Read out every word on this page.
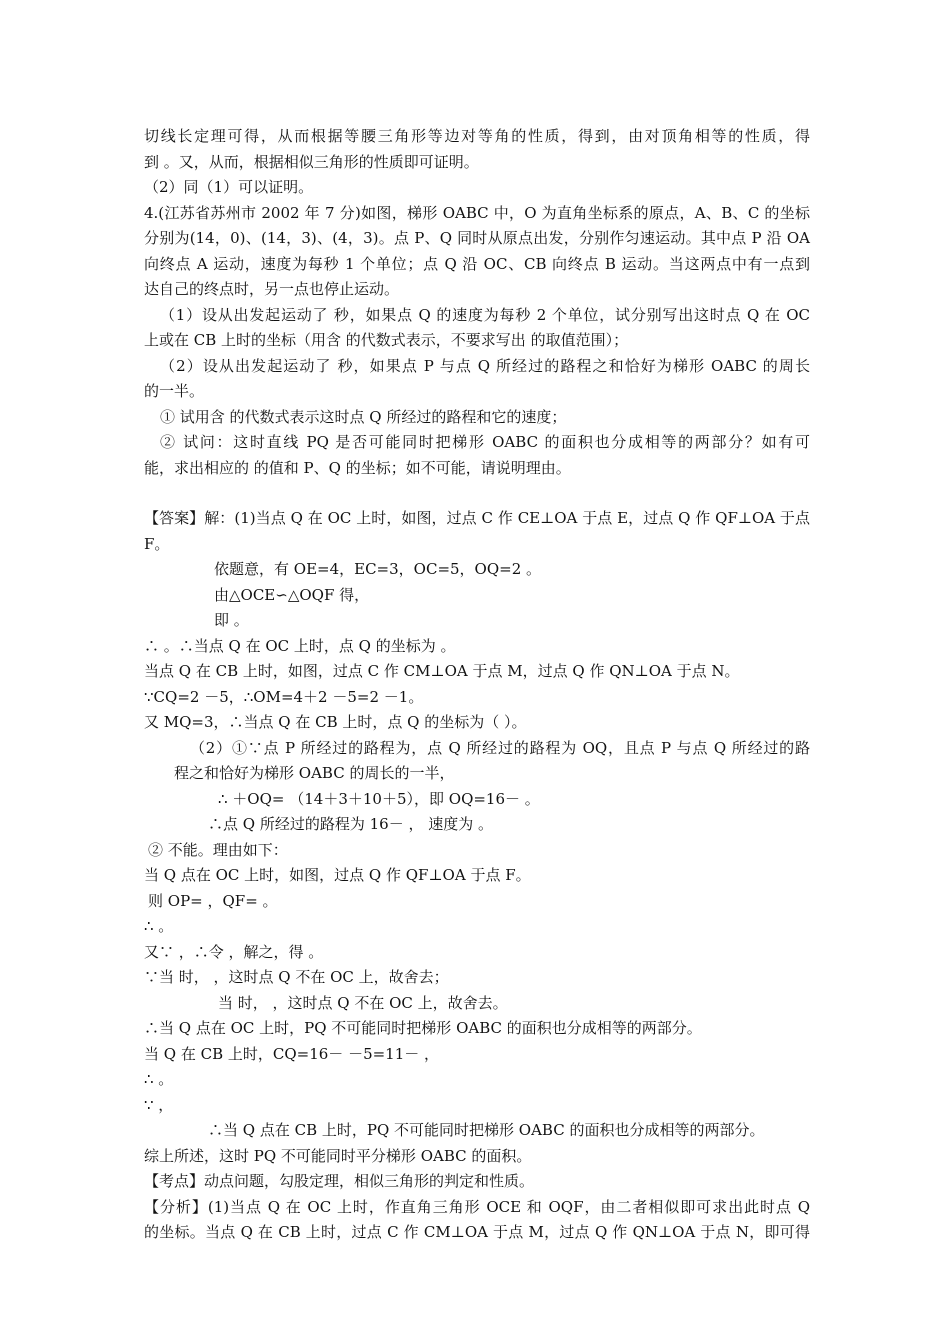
切线长定理可得，从而根据等腰三角形等边对等角的性质，得到，由对顶角相等的性质，得
到 。又，从而，根据相似三角形的性质即可证明。
（2）同（1）可以证明。
4.(江苏省苏州市 2002 年 7 分)如图，梯形 OABC 中，O 为直角坐标系的原点，A、B、C 的坐标
分别为(14，0)、(14，3)、(4，3)。点 P、Q 同时从原点出发，分别作匀速运动。其中点 P 沿 OA
向终点 A 运动，速度为每秒 1 个单位；点 Q 沿 OC、CB 向终点 B 运动。当这两点中有一点到
达自己的终点时，另一点也停止运动。
（1）设从出发起运动了 秒，如果点 Q 的速度为每秒 2 个单位，试分别写出这时点 Q 在 OC
上或在 CB 上时的坐标（用含 的代数式表示，不要求写出 的取值范围）；
（2）设从出发起运动了 秒，如果点 P 与点 Q 所经过的路程之和恰好为梯形 OABC 的周长
的一半。
① 试用含 的代数式表示这时点 Q 所经过的路程和它的速度；
② 试问：这时直线 PQ 是否可能同时把梯形 OABC 的面积也分成相等的两部分？如有可
能，求出相应的 的值和 P、Q 的坐标；如不可能，请说明理由。
【答案】解：(1)当点 Q 在 OC 上时，如图，过点 C 作 CE⊥OA 于点 E，过点 Q 作 QF⊥OA 于点
F。
依题意，有 OE=4，EC=3，OC=5，OQ=2 。
由△OCE∽△OQF 得，
即 。
∴ 。∴当点 Q 在 OC 上时，点 Q 的坐标为 。
当点 Q 在 CB 上时，如图，过点 C 作 CM⊥OA 于点 M，过点 Q 作 QN⊥OA 于点 N。
∵CQ=2 －5，∴OM=4＋2 －5=2 －1。
又 MQ=3，∴当点 Q 在 CB 上时，点 Q 的坐标为（ ）。
（2）①∵点 P 所经过的路程为，点 Q 所经过的路程为 OQ，且点 P 与点 Q 所经过的路
程之和恰好为梯形 OABC 的周长的一半，
∴ ＋OQ= （14＋3＋10＋5），即 OQ=16－ 。
∴点 Q 所经过的路程为 16－ ， 速度为 。
② 不能。理由如下：
当 Q 点在 OC 上时，如图，过点 Q 作 QF⊥OA 于点 F。
则 OP= ，QF= 。
∴ 。
又∵ ，∴令 ，解之，得 。
∵当 时， ，这时点 Q 不在 OC 上，故舍去；
当 时， ，这时点 Q 不在 OC 上，故舍去。
∴当 Q 点在 OC 上时，PQ 不可能同时把梯形 OABC 的面积也分成相等的两部分。
当 Q 在 CB 上时，CQ=16－ －5=11－ ，
∴ 。
∵ ，
∴当 Q 点在 CB 上时，PQ 不可能同时把梯形 OABC 的面积也分成相等的两部分。
综上所述，这时 PQ 不可能同时平分梯形 OABC 的面积。
【考点】动点问题，勾股定理，相似三角形的判定和性质。
【分析】(1)当点 Q 在 OC 上时，作直角三角形 OCE 和 OQF，由二者相似即可求出此时点 Q
的坐标。当点 Q 在 CB 上时，过点 C 作 CM⊥OA 于点 M，过点 Q 作 QN⊥OA 于点 N，即可得
